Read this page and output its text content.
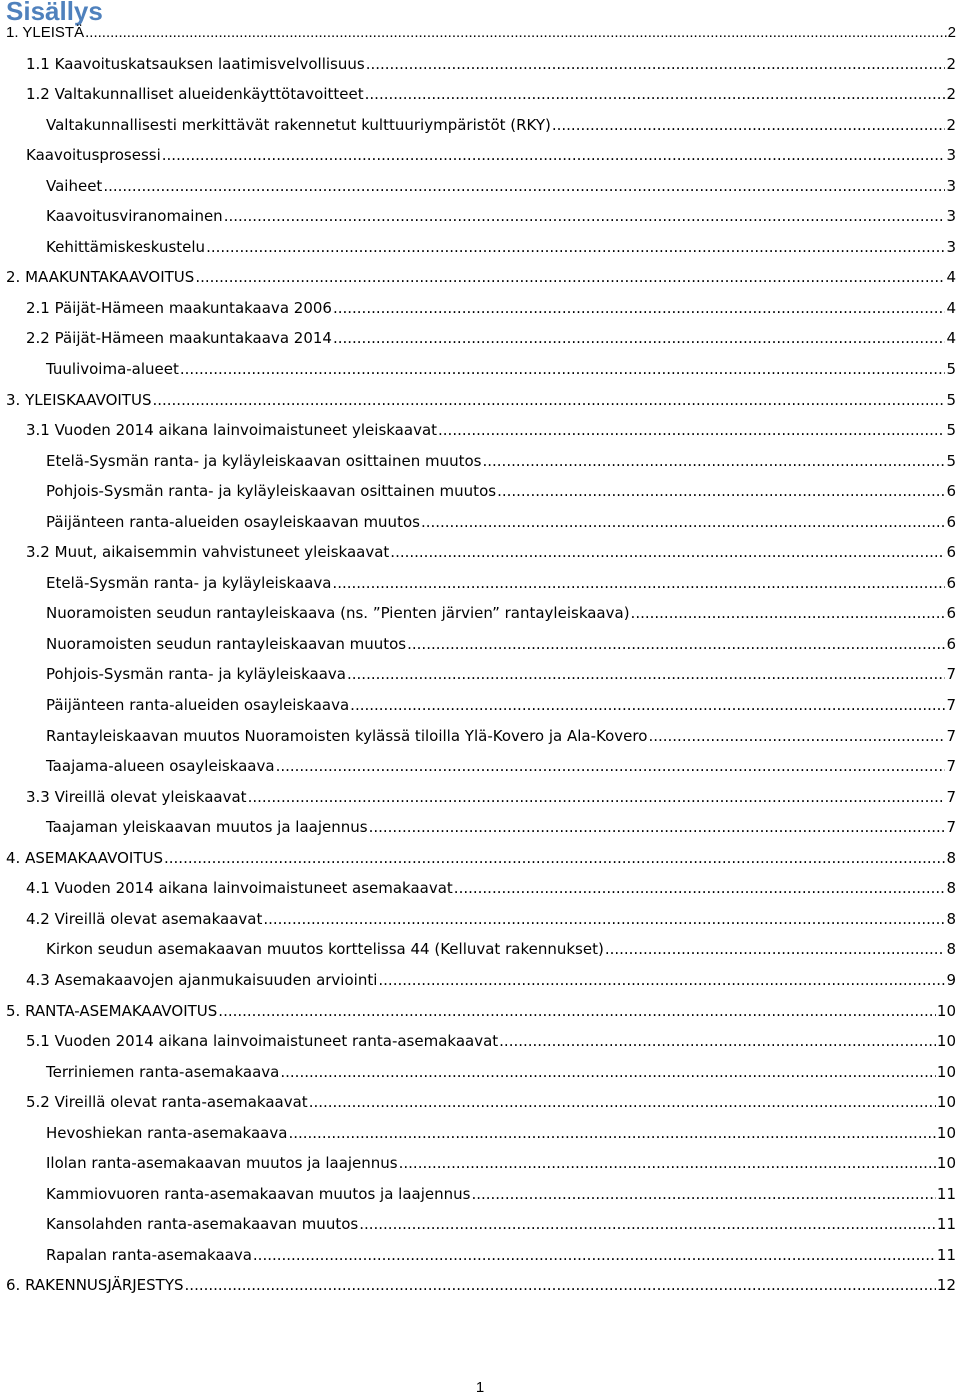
Sisällys
1. YLEISTÄ .....	2
1.1 Kaavoituskatsauksen laatimisvelvollisuus .....	2
1.2 Valtakunnalliset alueidenkäyttötavoitteet .....	2
Valtakunnallisesti merkittävät rakennetut kulttuuriympäristöt (RKY) .....	2
Kaavoitusprosessi .....	3
Vaiheet .....	3
Kaavoitusviranomainen .....	3
Kehittämiskeskustelu .....	3
2. MAAKUNTAKAAVOITUS .....	4
2.1 Päijät-Hämeen maakuntakaava 2006 .....	4
2.2 Päijät-Hämeen maakuntakaava 2014 .....	4
Tuulivoima-alueet .....	5
3. YLEISKAAVOITUS .....	5
3.1 Vuoden 2014 aikana lainvoimaistuneet yleiskaavat .....	5
Etelä-Sysmän ranta- ja kyläyleiskaavan osittainen muutos .....	5
Pohjois-Sysmän ranta- ja kyläyleiskaavan osittainen muutos .....	6
Päijänteen ranta-alueiden osayleiskaavan muutos .....	6
3.2 Muut, aikaisemmin vahvistuneet yleiskaavat .....	6
Etelä-Sysmän ranta- ja kyläyleiskaava .....	6
Nuoramoisten seudun rantayleiskaava (ns. ”Pienten järvien” rantayleiskaava) .....	6
Nuoramoisten seudun rantayleiskaavan muutos .....	6
Pohjois-Sysmän ranta- ja kyläyleiskaava .....	7
Päijänteen ranta-alueiden osayleiskaava .....	7
Rantayleiskaavan muutos Nuoramoisten kylässä tiloilla Ylä-Kovero ja Ala-Kovero .....	7
Taajama-alueen osayleiskaava .....	7
3.3 Vireillä olevat yleiskaavat .....	7
Taajaman yleiskaavan muutos ja laajennus .....	7
4. ASEMAKAAVOITUS .....	8
4.1 Vuoden 2014 aikana lainvoimaistuneet asemakaavat .....	8
4.2 Vireillä olevat asemakaavat .....	8
Kirkon seudun asemakaavan muutos korttelissa 44 (Kelluvat rakennukset) .....	8
4.3 Asemakaavojen ajanmukaisuuden arviointi .....	9
5. RANTA-ASEMAKAAVOITUS .....	10
5.1 Vuoden 2014 aikana lainvoimaistuneet ranta-asemakaavat .....	10
Terriniemen ranta-asemakaava .....	10
5.2 Vireillä olevat ranta-asemakaavat .....	10
Hevoshiekan ranta-asemakaava .....	10
Ilolan ranta-asemakaavan muutos ja laajennus .....	10
Kammiovuoren ranta-asemakaavan muutos ja laajennus .....	11
Kansolahden ranta-asemakaavan muutos .....	11
Rapalan ranta-asemakaava .....	11
6. RAKENNUSJÄRJESTYS .....	12
1
